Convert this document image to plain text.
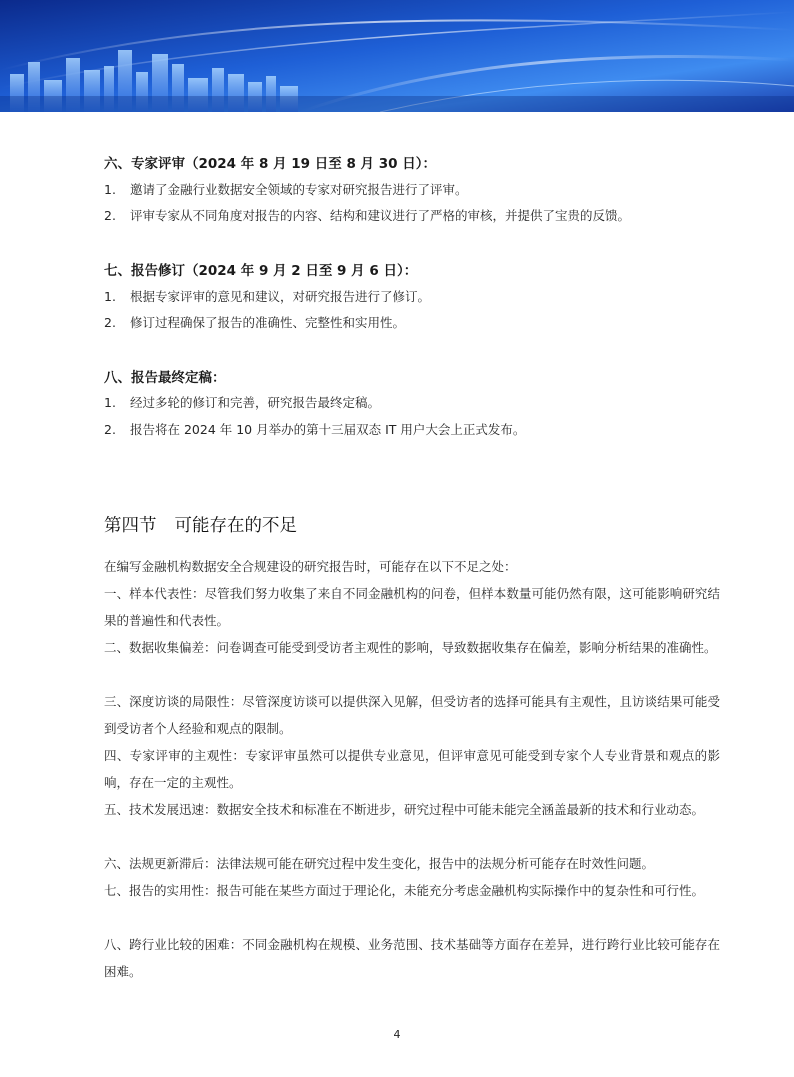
六、专家评审（2024 年 8 月 19 日至 8 月 30 日）：
1. 邀请了金融行业数据安全领域的专家对研究报告进行了评审。
2. 评审专家从不同角度对报告的内容、结构和建议进行了严格的审核，并提供了宝贵的反馈。
七、报告修订（2024 年 9 月 2 日至 9 月 6 日）：
1. 根据专家评审的意见和建议，对研究报告进行了修订。
2. 修订过程确保了报告的准确性、完整性和实用性。
八、报告最终定稿：
1. 经过多轮的修订和完善，研究报告最终定稿。
2. 报告将在 2024 年 10 月举办的第十三届双态 IT 用户大会上正式发布。
第四节 可能存在的不足
在编写金融机构数据安全合规建设的研究报告时，可能存在以下不足之处：
一、样本代表性：尽管我们努力收集了来自不同金融机构的问卷，但样本数量可能仍然有限，这可能影响研究结果的普遍性和代表性。
二、数据收集偏差：问卷调查可能受到受访者主观性的影响，导致数据收集存在偏差，影响分析结果的准确性。
三、深度访谈的局限性：尽管深度访谈可以提供深入见解，但受访者的选择可能具有主观性，且访谈结果可能受到受访者个人经验和观点的限制。
四、专家评审的主观性：专家评审虽然可以提供专业意见，但评审意见可能受到专家个人专业背景和观点的影响，存在一定的主观性。
五、技术发展迅速：数据安全技术和标准在不断进步，研究过程中可能未能完全涵盖最新的技术和行业动态。
六、法规更新滞后：法律法规可能在研究过程中发生变化，报告中的法规分析可能存在时效性问题。
七、报告的实用性：报告可能在某些方面过于理论化，未能充分考虑金融机构实际操作中的复杂性和可行性。
八、跨行业比较的困难：不同金融机构在规模、业务范围、技术基础等方面存在差异，进行跨行业比较可能存在困难。
4
